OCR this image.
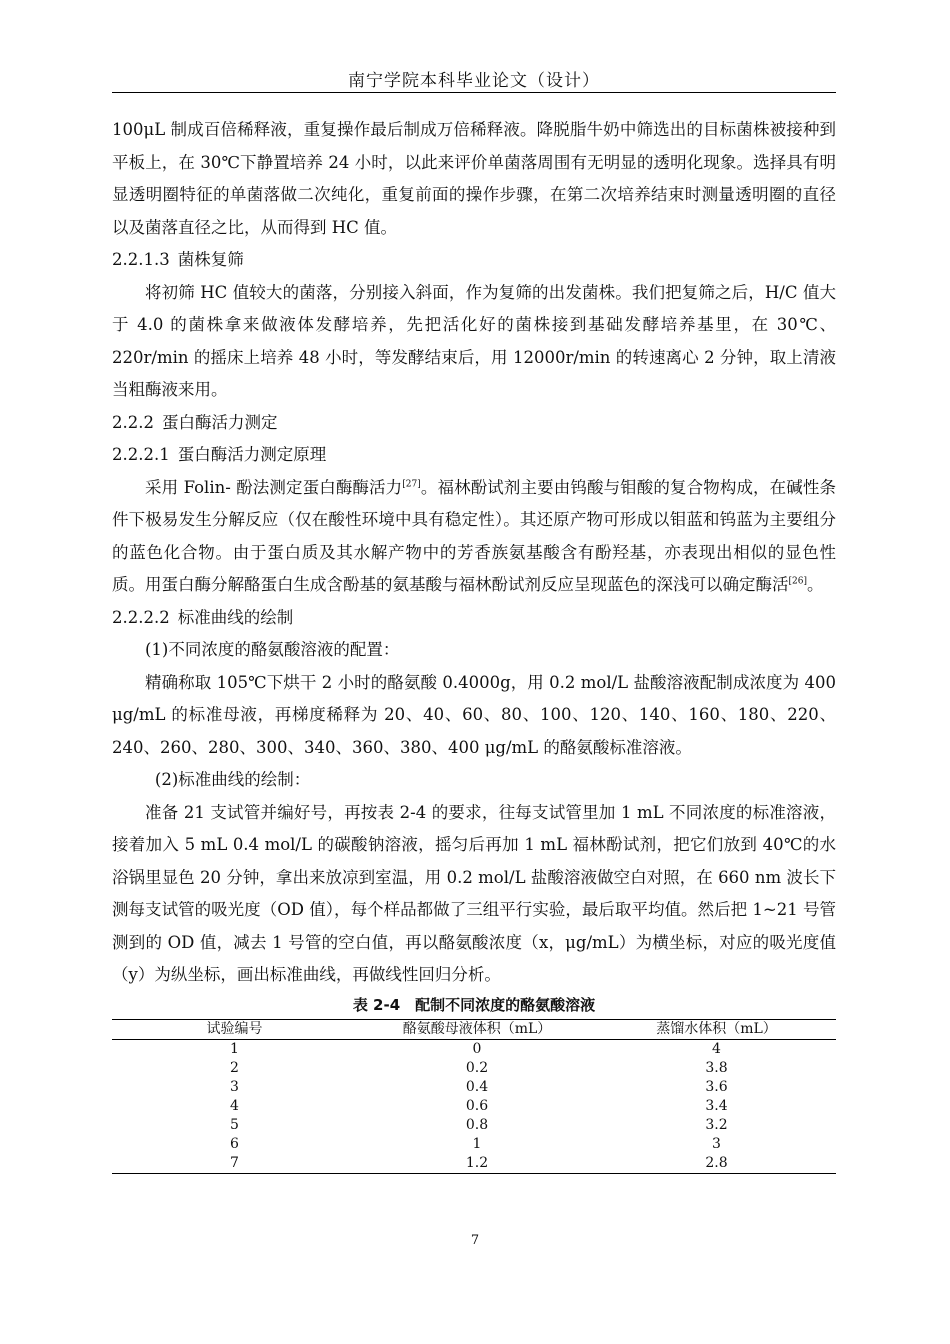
南宁学院本科毕业论文（设计）

100μL 制成百倍稀释液，重复操作最后制成万倍稀释液。降脱脂牛奶中筛选出的目标菌株被接种到平板上，在 30℃下静置培养 24 小时，以此来评价单菌落周围有无明显的透明化现象。选择具有明显透明圈特征的单菌落做二次纯化，重复前面的操作步骤，在第二次培养结束时测量透明圈的直径以及菌落直径之比，从而得到 HC 值。

2.2.1.3 菌株复筛

将初筛 HC 值较大的菌落，分别接入斜面，作为复筛的出发菌株。我们把复筛之后，H/C 值大于 4.0 的菌株拿来做液体发酵培养，先把活化好的菌株接到基础发酵培养基里，在 30℃、220r/min 的摇床上培养 48 小时，等发酵结束后，用 12000r/min 的转速离心 2 分钟，取上清液当粗酶液来用。

2.2.2 蛋白酶活力测定

2.2.2.1 蛋白酶活力测定原理

采用 Folin- 酚法测定蛋白酶酶活力[27]。福林酚试剂主要由钨酸与钼酸的复合物构成，在碱性条件下极易发生分解反应（仅在酸性环境中具有稳定性）。其还原产物可形成以钼蓝和钨蓝为主要组分的蓝色化合物。由于蛋白质及其水解产物中的芳香族氨基酸含有酚羟基，亦表现出相似的显色性质。用蛋白酶分解酪蛋白生成含酚基的氨基酸与福林酚试剂反应呈现蓝色的深浅可以确定酶活[26]。

2.2.2.2 标准曲线的绘制

(1)不同浓度的酪氨酸溶液的配置：

精确称取 105℃下烘干 2 小时的酪氨酸 0.4000g，用 0.2 mol/L 盐酸溶液配制成浓度为 400 μg/mL 的标准母液，再梯度稀释为 20、40、60、80、100、120、140、160、180、220、240、260、280、300、340、360、380、400 μg/mL 的酪氨酸标准溶液。

(2)标准曲线的绘制：

准备 21 支试管并编好号，再按表 2-4 的要求，往每支试管里加 1 mL 不同浓度的标准溶液，接着加入 5 mL 0.4 mol/L 的碳酸钠溶液，摇匀后再加 1 mL 福林酚试剂，把它们放到 40℃的水浴锅里显色 20 分钟，拿出来放凉到室温，用 0.2 mol/L 盐酸溶液做空白对照，在 660 nm 波长下测每支试管的吸光度（OD 值），每个样品都做了三组平行实验，最后取平均值。然后把 1~21 号管测到的 OD 值，减去 1 号管的空白值，再以酪氨酸浓度（x，μg/mL）为横坐标，对应的吸光度值（y）为纵坐标，画出标准曲线，再做线性回归分析。

表 2-4　配制不同浓度的酪氨酸溶液
试验编号	酪氨酸母液体积（mL）	蒸馏水体积（mL）
1	0	4
2	0.2	3.8
3	0.4	3.6
4	0.6	3.4
5	0.8	3.2
6	1	3
7	1.2	2.8
7
